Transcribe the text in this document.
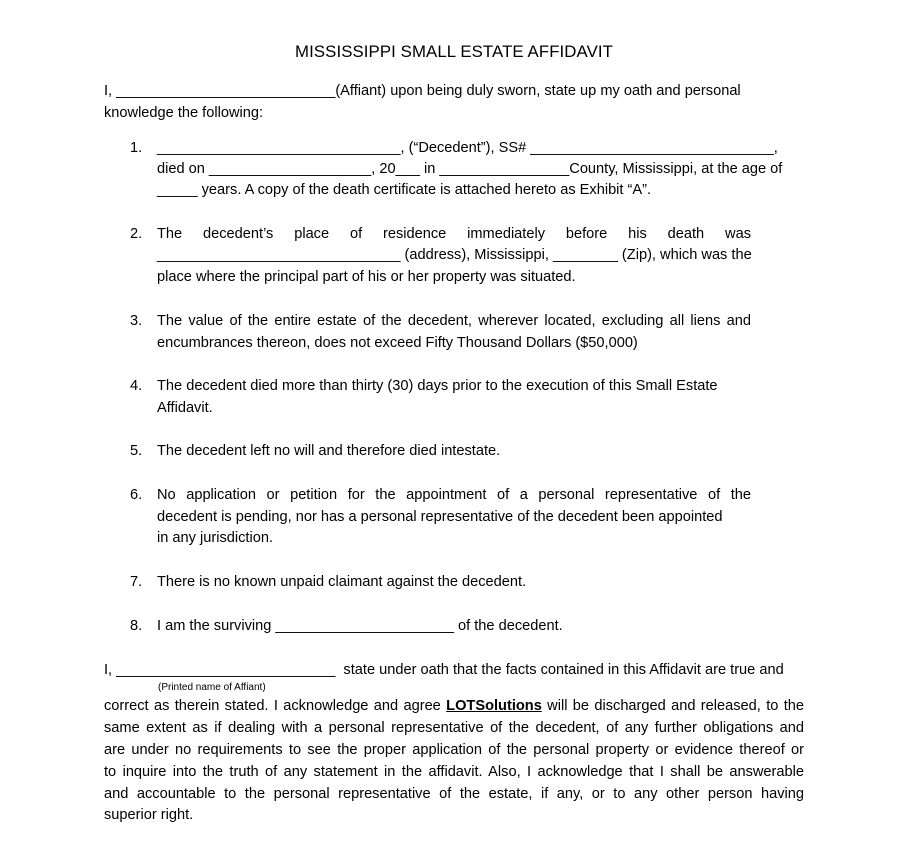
MISSISSIPPI SMALL ESTATE AFFIDAVIT
I, ___________________________(Affiant) upon being duly sworn, state up my oath and personal
knowledge the following:
1. ______________________________, (“Decedent”), SS# ______________________________,
died on ____________________, 20___ in ________________County, Mississippi, at the age of
_____ years. A copy of the death certificate is attached hereto as Exhibit “A”.
2. The decedent’s place of residence immediately before his death was
______________________________ (address), Mississippi, ________ (Zip), which was the
place where the principal part of his or her property was situated.
3. The value of the entire estate of the decedent, wherever located, excluding all liens and
encumbrances thereon, does not exceed Fifty Thousand Dollars ($50,000)
4. The decedent died more than thirty (30) days prior to the execution of this Small Estate
Affidavit.
5. The decedent left no will and therefore died intestate.
6. No application or petition for the appointment of a personal representative of the
decedent is pending, nor has a personal representative of the decedent been appointed
in any jurisdiction.
7. There is no known unpaid claimant against the decedent.
8. I am the surviving ______________________ of the decedent.
I, ___________________________ state under oath that the facts contained in this Affidavit are true and
(Printed name of Affiant)
correct as therein stated. I acknowledge and agree LOTSolutions will be discharged and released, to the
same extent as if dealing with a personal representative of the decedent, of any further obligations and
are under no requirements to see the proper application of the personal property or evidence thereof or
to inquire into the truth of any statement in the affidavit. Also, I acknowledge that I shall be answerable
and accountable to the personal representative of the estate, if any, or to any other person having
superior right.
